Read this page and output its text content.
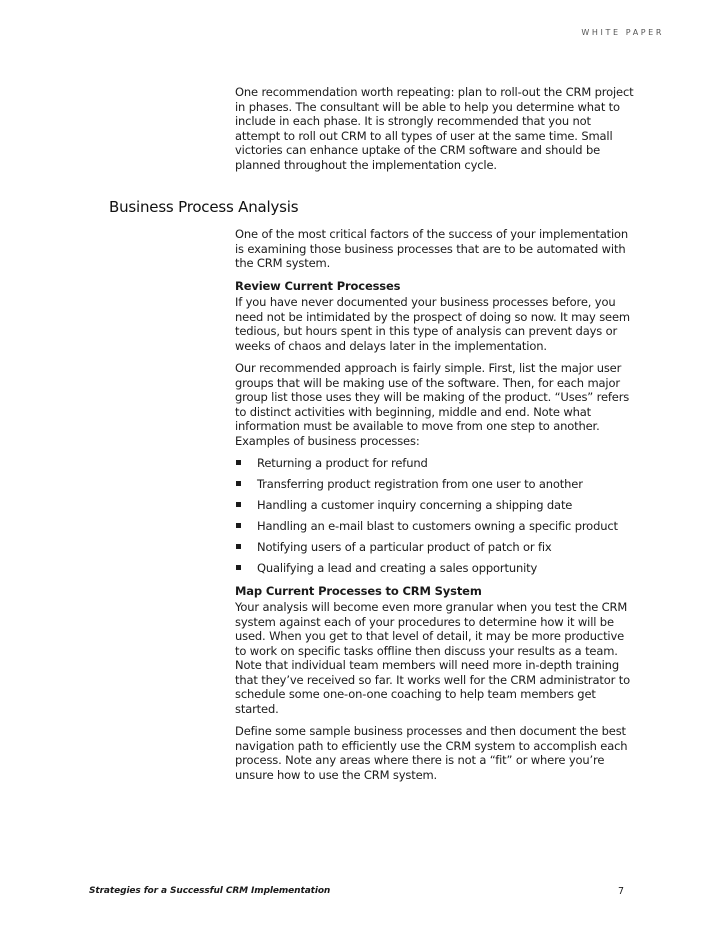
WHITE PAPER

One recommendation worth repeating: plan to roll-out the CRM project in phases. The consultant will be able to help you determine what to include in each phase. It is strongly recommended that you not attempt to roll out CRM to all types of user at the same time. Small victories can enhance uptake of the CRM software and should be planned throughout the implementation cycle.

Business Process Analysis

One of the most critical factors of the success of your implementation is examining those business processes that are to be automated with the CRM system.

Review Current Processes

If you have never documented your business processes before, you need not be intimidated by the prospect of doing so now. It may seem tedious, but hours spent in this type of analysis can prevent days or weeks of chaos and delays later in the implementation.

Our recommended approach is fairly simple. First, list the major user groups that will be making use of the software. Then, for each major group list those uses they will be making of the product. “Uses” refers to distinct activities with beginning, middle and end. Note what information must be available to move from one step to another. Examples of business processes:

Returning a product for refund
Transferring product registration from one user to another
Handling a customer inquiry concerning a shipping date
Handling an e-mail blast to customers owning a specific product
Notifying users of a particular product of patch or fix
Qualifying a lead and creating a sales opportunity
Map Current Processes to CRM System

Your analysis will become even more granular when you test the CRM system against each of your procedures to determine how it will be used. When you get to that level of detail, it may be more productive to work on specific tasks offline then discuss your results as a team. Note that individual team members will need more in-depth training that they’ve received so far. It works well for the CRM administrator to schedule some one-on-one coaching to help team members get started.

Define some sample business processes and then document the best navigation path to efficiently use the CRM system to accomplish each process. Note any areas where there is not a “fit” or where you’re unsure how to use the CRM system.

Strategies for a Successful CRM Implementation	7
